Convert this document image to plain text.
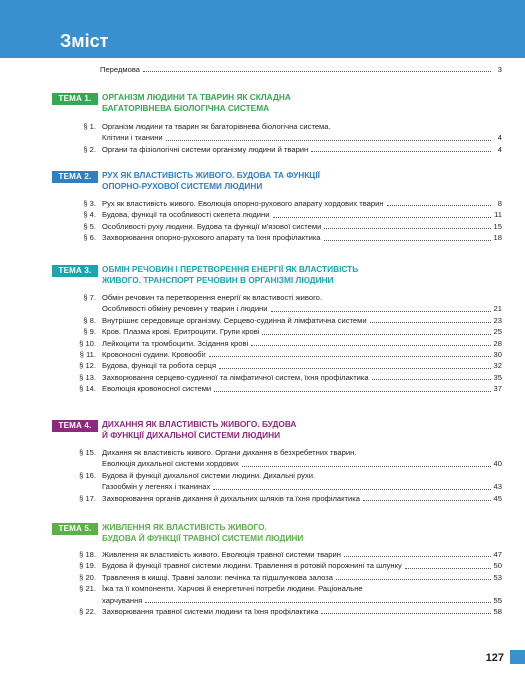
Зміст
Передмова	3
ТЕМА 1.	ОРГАНІЗМ ЛЮДИНИ ТА ТВАРИН ЯК СКЛАДНА
БАГАТОРІВНЕВА БІОЛОГІЧНА СИСТЕМА
§ 1. Організм людини та тварин як багаторівнева біологічна система.
Клітини і тканини	4
§ 2. Органи та фізіологічні системи організму людини й тварин	4
ТЕМА 2.	РУХ ЯК ВЛАСТИВІСТЬ ЖИВОГО. БУДОВА ТА ФУНКЦІЇ
ОПОРНО-РУХОВОЇ СИСТЕМИ ЛЮДИНИ
§ 3. Рух як властивість живого. Еволюція опорно-рухового апарату хордових тварин	8
§ 4. Будова, функції та особливості скелета людини	11
§ 5. Особливості руху людини. Будова та функції м'язової системи	15
§ 6. Захворювання опорно-рухового апарату та їхня профілактика	18
ТЕМА 3.	ОБМІН РЕЧОВИН І ПЕРЕТВОРЕННЯ ЕНЕРГІЇ ЯК ВЛАСТИВІСТЬ
ЖИВОГО. ТРАНСПОРТ РЕЧОВИН В ОРГАНІЗМІ ЛЮДИНИ
§ 7. Обмін речовин та перетворення енергії як властивості живого.
Особливості обміну речовин у тварин і людини	21
§ 8. Внутрішнє середовище організму. Серцево-судинна й лімфатична системи	23
§ 9. Кров. Плазма крові. Еритроцити. Групи крові	25
§ 10. Лейкоцити та тромбоцити. Зсідання крові	28
§ 11. Кровоносні судини. Кровообіг	30
§ 12. Будова, функції та робота серця	32
§ 13. Захворювання серцево-судинної та лімфатичної систем, їхня профілактика	35
§ 14. Еволюція кровоносної системи	37
ТЕМА 4.	ДИХАННЯ ЯК ВЛАСТИВІСТЬ ЖИВОГО. БУДОВА
Й ФУНКЦІЇ ДИХАЛЬНОЇ СИСТЕМИ ЛЮДИНИ
§ 15. Дихання як властивість живого. Органи дихання в безхребетних тварин.
Еволюція дихальної системи хордових	40
§ 16. Будова й функції дихальної системи людини. Дихальні рухи.
Газообмін у легенях і тканинах	43
§ 17. Захворювання органів дихання й дихальних шляхів та їхня профілактика	45
ТЕМА 5.	ЖИВЛЕННЯ ЯК ВЛАСТИВІСТЬ ЖИВОГО.
БУДОВА Й ФУНКЦІЇ ТРАВНОЇ СИСТЕМИ ЛЮДИНИ
§ 18. Живлення як властивість живого. Еволюція травної системи тварин	47
§ 19. Будова й функції травної системи людини. Травлення в ротовій порожнині та шлунку	50
§ 20. Травлення в кишці. Травні залози: печінка та підшлункова залоза	53
§ 21. Їжа та її компоненти. Харчові й енергетичні потреби людини. Раціональне
харчування	55
§ 22. Захворювання травної системи людини та їхня профілактика	58
127
